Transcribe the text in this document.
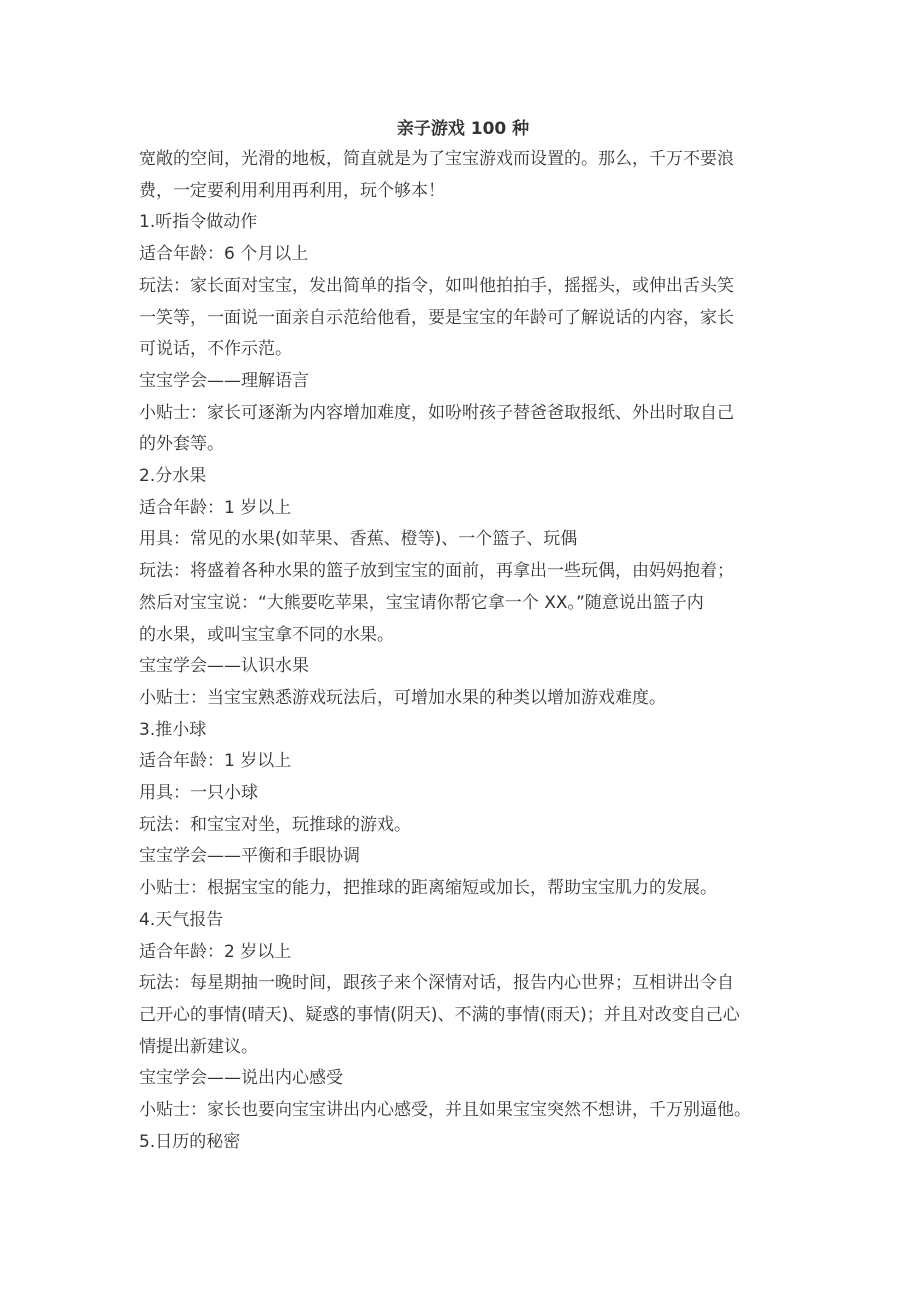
亲子游戏 100 种

宽敞的空间，光滑的地板，简直就是为了宝宝游戏而设置的。那么，千万不要浪

费，一定要利用利用再利用，玩个够本！

1.听指令做动作

适合年龄：6 个月以上

玩法：家长面对宝宝，发出简单的指令，如叫他拍拍手，摇摇头，或伸出舌头笑

一笑等，一面说一面亲自示范给他看，要是宝宝的年龄可了解说话的内容，家长

可说话，不作示范。

宝宝学会——理解语言

小贴士：家长可逐渐为内容增加难度，如吩咐孩子替爸爸取报纸、外出时取自己

的外套等。

2.分水果

适合年龄：1 岁以上

用具：常见的水果(如苹果、香蕉、橙等)、一个篮子、玩偶

玩法：将盛着各种水果的篮子放到宝宝的面前，再拿出一些玩偶，由妈妈抱着；

然后对宝宝说：“大熊要吃苹果，宝宝请你帮它拿一个 XX。”随意说出篮子内

的水果，或叫宝宝拿不同的水果。

宝宝学会——认识水果

小贴士：当宝宝熟悉游戏玩法后，可增加水果的种类以增加游戏难度。

3.推小球

适合年龄：1 岁以上

用具：一只小球

玩法：和宝宝对坐，玩推球的游戏。

宝宝学会——平衡和手眼协调

小贴士：根据宝宝的能力，把推球的距离缩短或加长，帮助宝宝肌力的发展。

4.天气报告

适合年龄：2 岁以上

玩法：每星期抽一晚时间，跟孩子来个深情对话，报告内心世界；互相讲出令自

己开心的事情(晴天)、疑惑的事情(阴天)、不满的事情(雨天)；并且对改变自己心

情提出新建议。

宝宝学会——说出内心感受

小贴士：家长也要向宝宝讲出内心感受，并且如果宝宝突然不想讲，千万别逼他。

5.日历的秘密
